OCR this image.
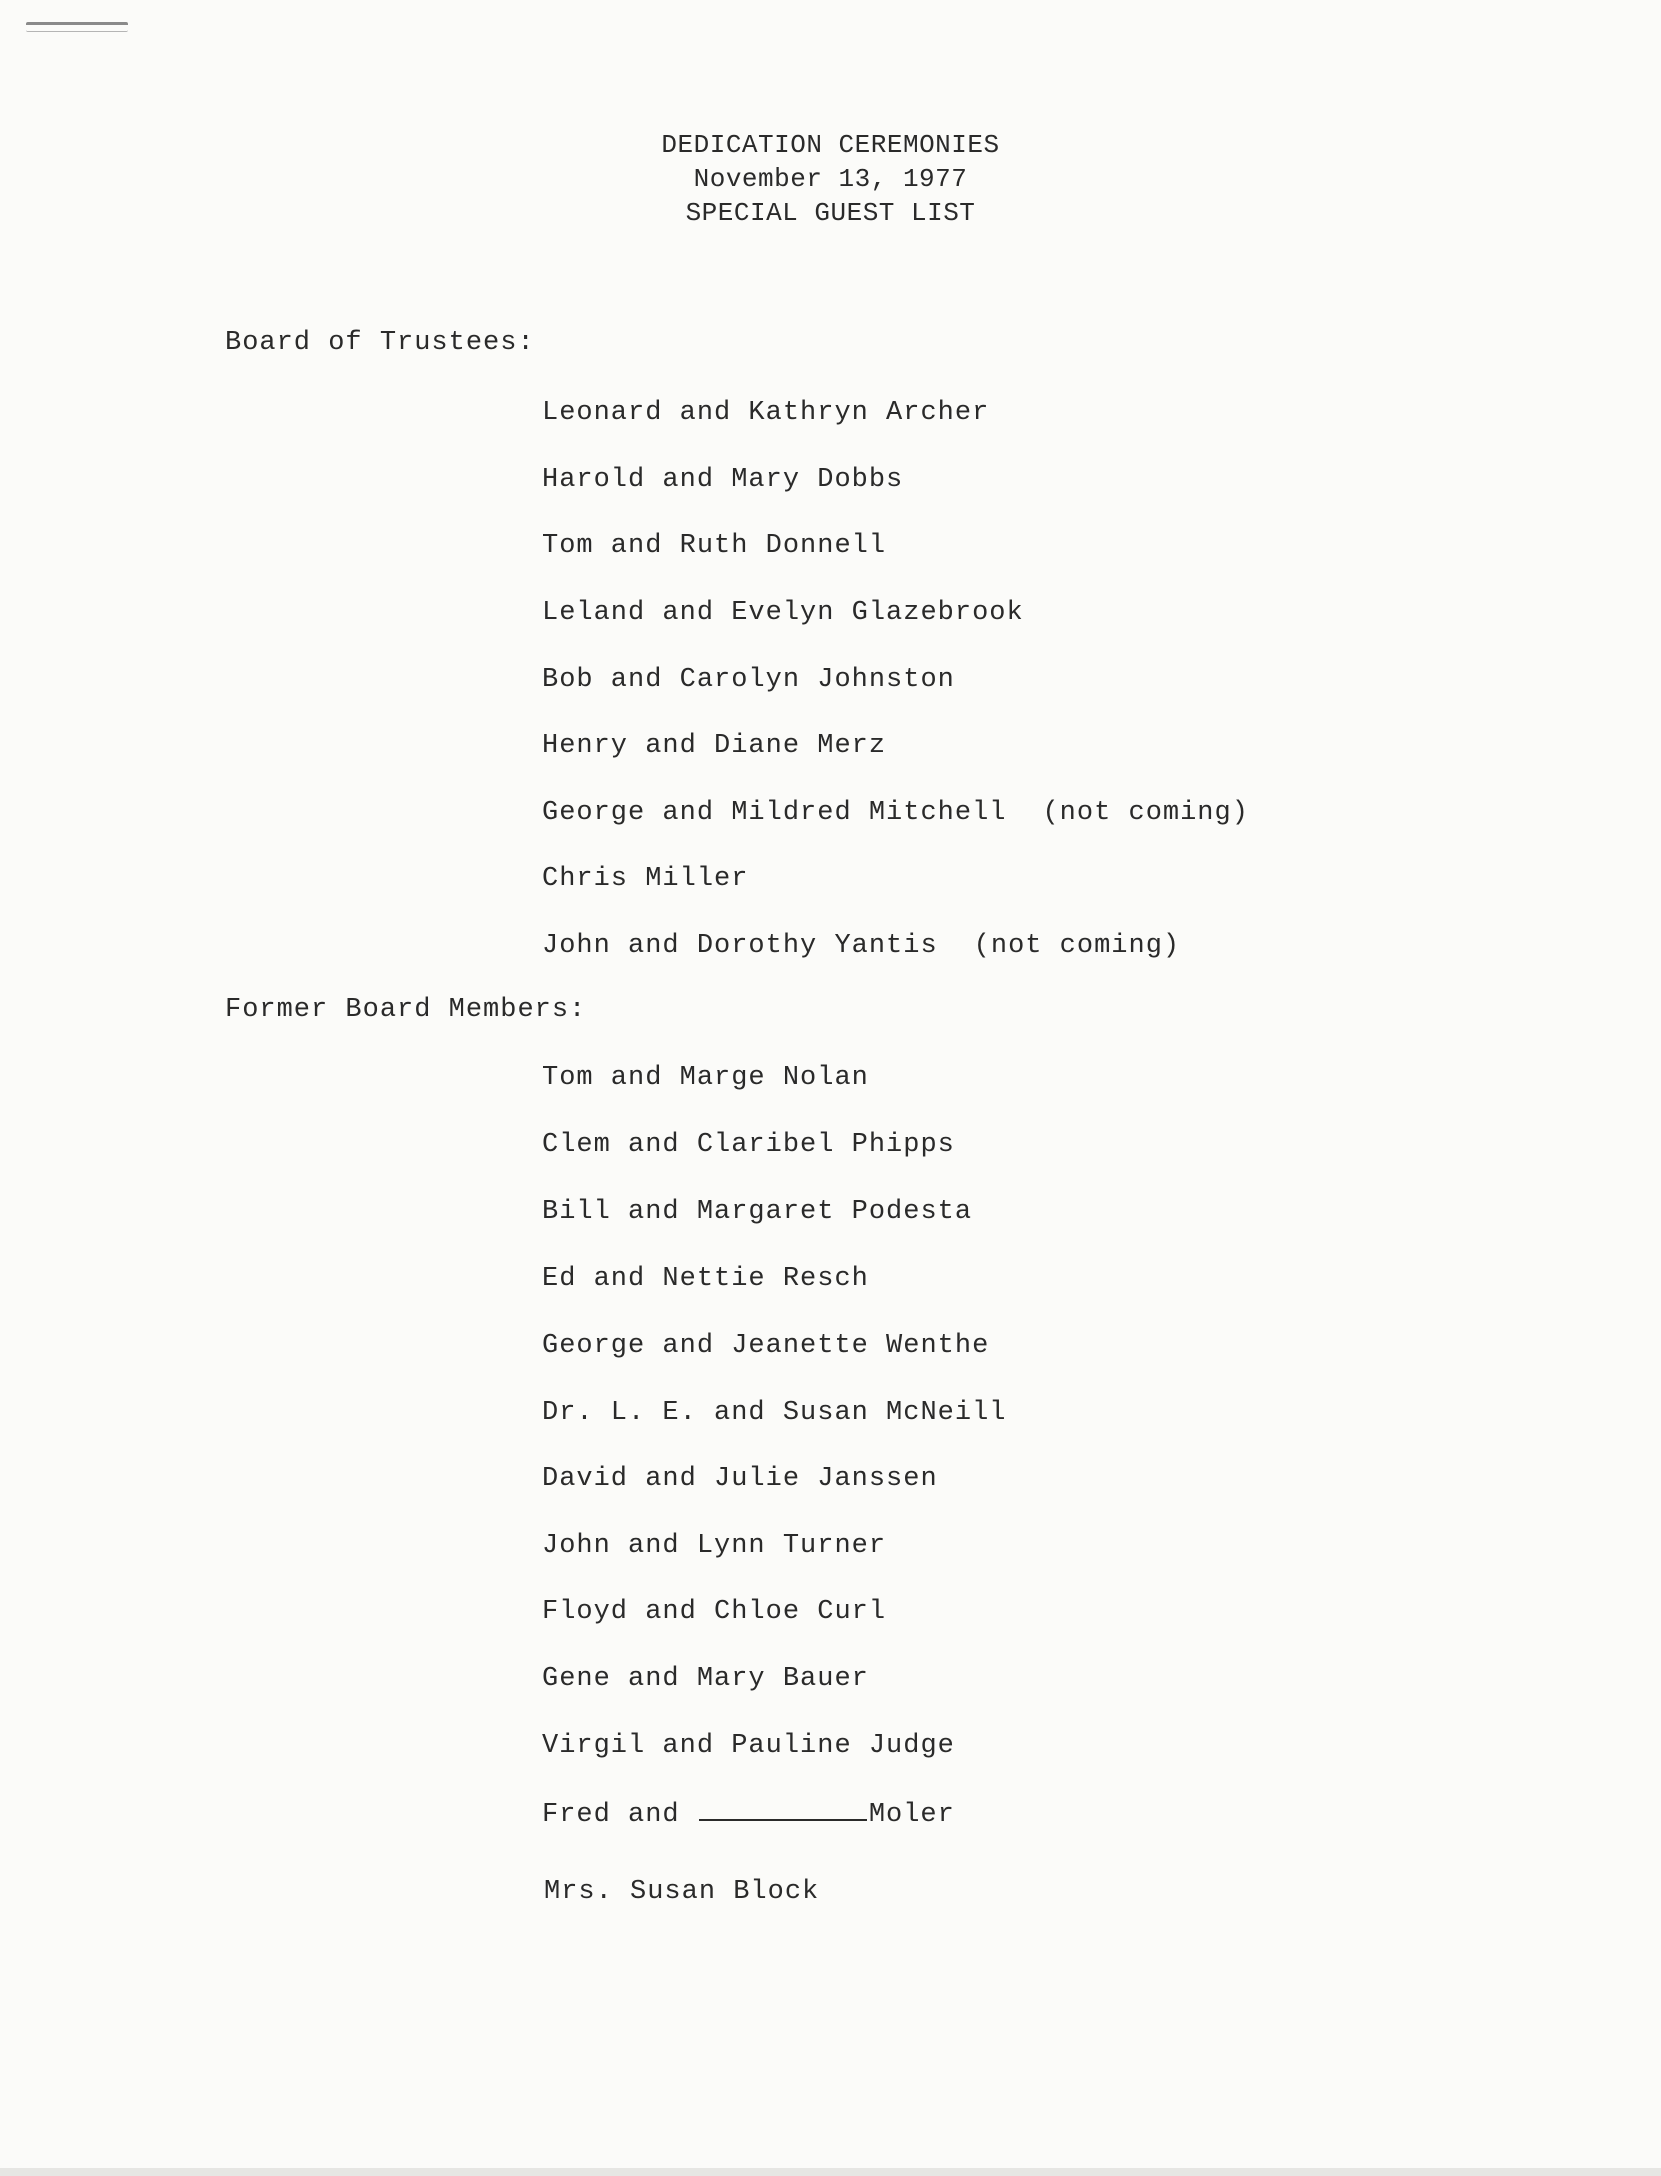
DEDICATION CEREMONIES
November 13, 1977
SPECIAL GUEST LIST
Board of Trustees:
Leonard and Kathryn Archer
Harold and Mary Dobbs
Tom and Ruth Donnell
Leland and Evelyn Glazebrook
Bob and Carolyn Johnston
Henry and Diane Merz
George and Mildred Mitchell (not coming)
Chris Miller
John and Dorothy Yantis (not coming)
Former Board Members:
Tom and Marge Nolan
Clem and Claribel Phipps
Bill and Margaret Podesta
Ed and Nettie Resch
George and Jeanette Wenthe
Dr. L. E. and Susan McNeill
David and Julie Janssen
John and Lynn Turner
Floyd and Chloe Curl
Gene and Mary Bauer
Virgil and Pauline Judge
Fred and	Moler
Mrs. Susan Block
